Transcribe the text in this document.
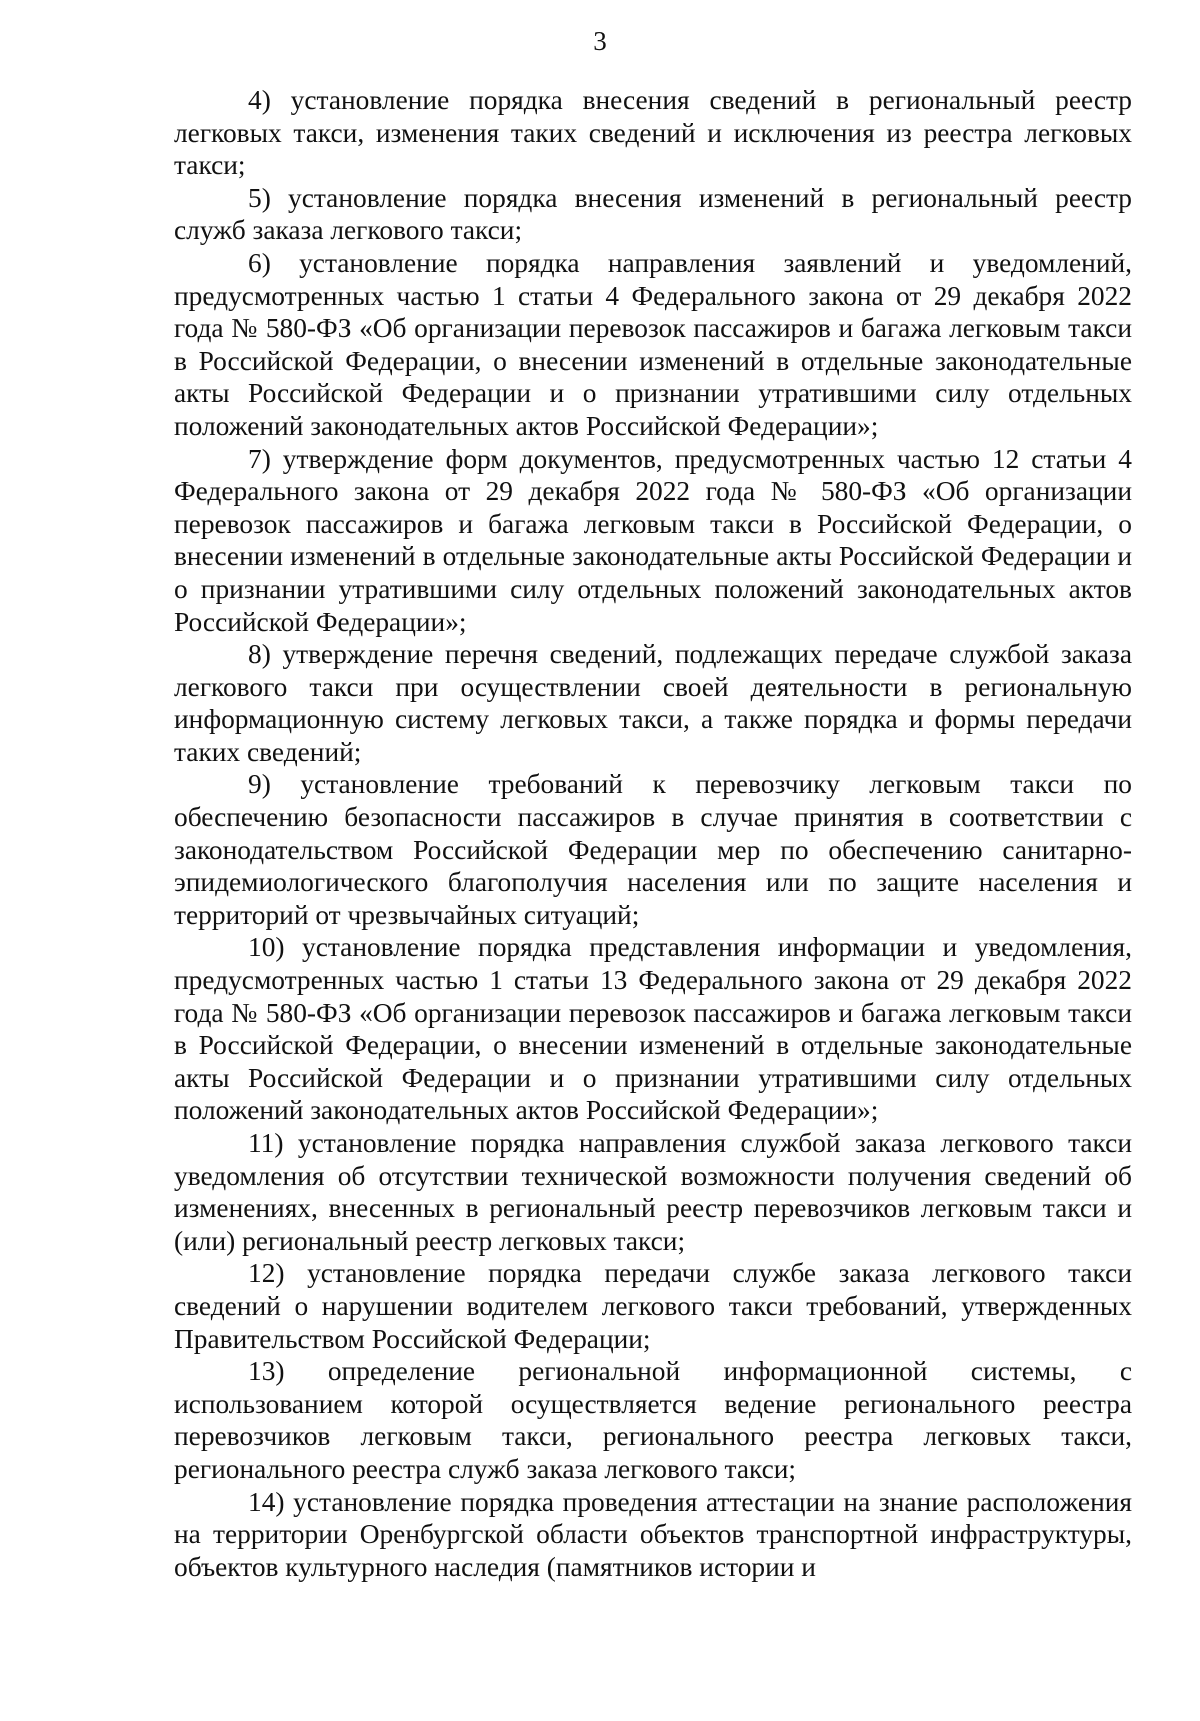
3

4) установление порядка внесения сведений в региональный реестр легковых такси, изменения таких сведений и исключения из реестра легковых такси;

5) установление порядка внесения изменений в региональный реестр служб заказа легкового такси;

6) установление порядка направления заявлений и уведомлений, предусмотренных частью 1 статьи 4 Федерального закона от 29 декабря 2022 года № 580-ФЗ «Об организации перевозок пассажиров и багажа легковым такси в Российской Федерации, о внесении изменений в отдельные законодательные акты Российской Федерации и о признании утратившими силу отдельных положений законодательных актов Российской Федерации»;

7) утверждение форм документов, предусмотренных частью 12 статьи 4 Федерального закона от 29 декабря 2022 года № 580-ФЗ «Об организации перевозок пассажиров и багажа легковым такси в Российской Федерации, о внесении изменений в отдельные законодательные акты Российской Федерации и о признании утратившими силу отдельных положений законодательных актов Российской Федерации»;

8) утверждение перечня сведений, подлежащих передаче службой заказа легкового такси при осуществлении своей деятельности в региональную информационную систему легковых такси, а также порядка и формы передачи таких сведений;

9) установление требований к перевозчику легковым такси по обеспечению безопасности пассажиров в случае принятия в соответствии с законодательством Российской Федерации мер по обеспечению санитарно-эпидемиологического благополучия населения или по защите населения и территорий от чрезвычайных ситуаций;

10) установление порядка представления информации и уведомления, предусмотренных частью 1 статьи 13 Федерального закона от 29 декабря 2022 года № 580-ФЗ «Об организации перевозок пассажиров и багажа легковым такси в Российской Федерации, о внесении изменений в отдельные законодательные акты Российской Федерации и о признании утратившими силу отдельных положений законодательных актов Российской Федерации»;

11) установление порядка направления службой заказа легкового такси уведомления об отсутствии технической возможности получения сведений об изменениях, внесенных в региональный реестр перевозчиков легковым такси и (или) региональный реестр легковых такси;

12) установление порядка передачи службе заказа легкового такси сведений о нарушении водителем легкового такси требований, утвержденных Правительством Российской Федерации;

13) определение региональной информационной системы, с использованием которой осуществляется ведение регионального реестра перевозчиков легковым такси, регионального реестра легковых такси, регионального реестра служб заказа легкового такси;

14) установление порядка проведения аттестации на знание расположения на территории Оренбургской области объектов транспортной инфраструктуры, объектов культурного наследия (памятников истории и
